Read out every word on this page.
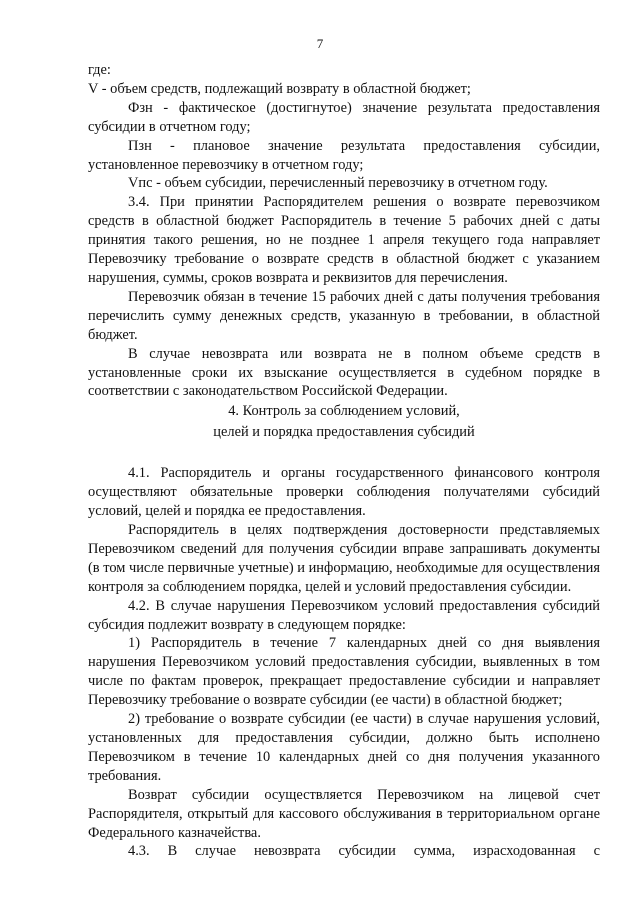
7

где:

V - объем средств, подлежащий возврату в областной бюджет;

Фзн - фактическое (достигнутое) значение результата предоставления субсидии в отчетном году;

Пзн - плановое значение результата предоставления субсидии, установленное перевозчику в отчетном году;

Vпс - объем субсидии, перечисленный перевозчику в отчетном году.

3.4. При принятии Распорядителем решения о возврате перевозчиком средств в областной бюджет Распорядитель в течение 5 рабочих дней с даты принятия такого решения, но не позднее 1 апреля текущего года направляет Перевозчику требование о возврате средств в областной бюджет с указанием нарушения, суммы, сроков возврата и реквизитов для перечисления.

Перевозчик обязан в течение 15 рабочих дней с даты получения требования перечислить сумму денежных средств, указанную в требовании, в областной бюджет.

В случае невозврата или возврата не в полном объеме средств в установленные сроки их взыскание осуществляется в судебном порядке в соответствии с законодательством Российской Федерации.

4. Контроль за соблюдением условий,
целей и порядка предоставления субсидий

4.1. Распорядитель и органы государственного финансового контроля осуществляют обязательные проверки соблюдения получателями субсидий условий, целей и порядка ее предоставления.

Распорядитель в целях подтверждения достоверности представляемых Перевозчиком сведений для получения субсидии вправе запрашивать документы (в том числе первичные учетные) и информацию, необходимые для осуществления контроля за соблюдением порядка, целей и условий предоставления субсидии.

4.2. В случае нарушения Перевозчиком условий предоставления субсидий субсидия подлежит возврату в следующем порядке:

1) Распорядитель в течение 7 календарных дней со дня выявления нарушения Перевозчиком условий предоставления субсидии, выявленных в том числе по фактам проверок, прекращает предоставление субсидии и направляет Перевозчику требование о возврате субсидии (ее части) в областной бюджет;

2) требование о возврате субсидии (ее части) в случае нарушения условий, установленных для предоставления субсидии, должно быть исполнено Перевозчиком в течение 10 календарных дней со дня получения указанного требования.

Возврат субсидии осуществляется Перевозчиком на лицевой счет Распорядителя, открытый для кассового обслуживания в территориальном органе Федерального казначейства.

4.3. В случае невозврата субсидии сумма, израсходованная с
